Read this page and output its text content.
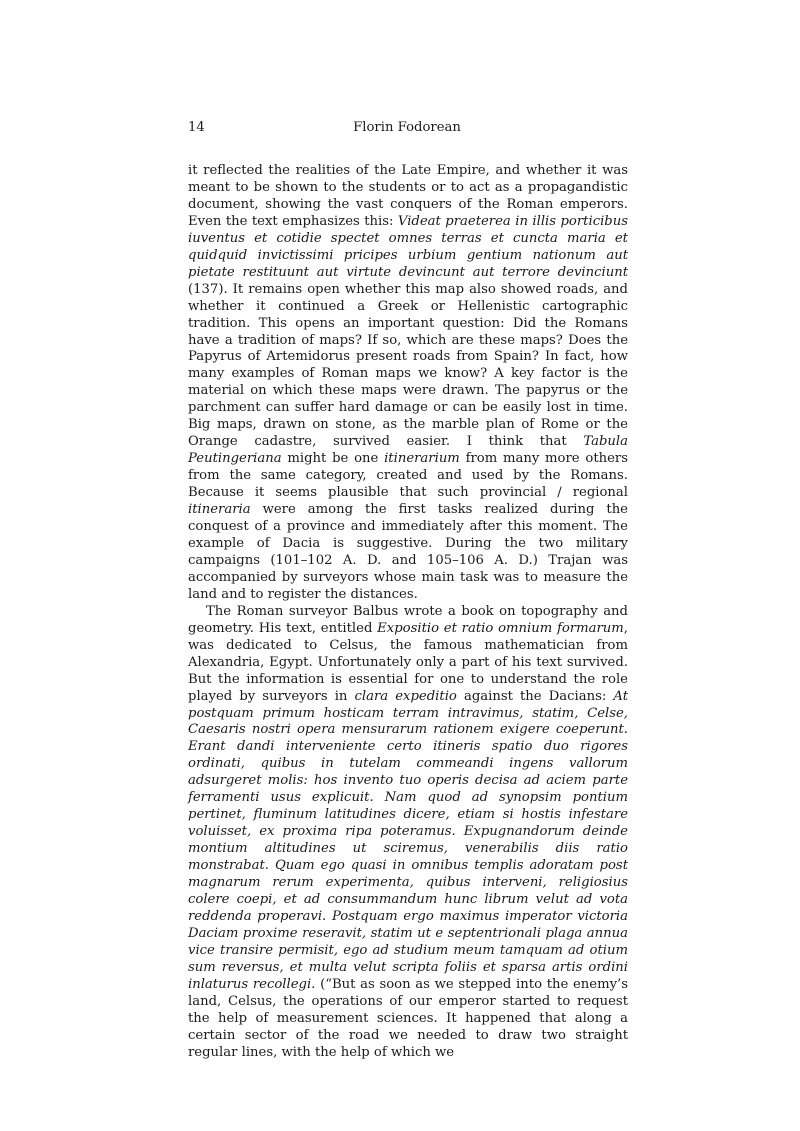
14	Florin Fodorean

it reflected the realities of the Late Empire, and whether it was meant to be shown to the students or to act as a propagandistic document, showing the vast conquers of the Roman emperors. Even the text emphasizes this: Videat praeterea in illis porticibus iuventus et cotidie spectet omnes terras et cuncta maria et quidquid invictissimi pricipes urbium gentium nationum aut pietate restituunt aut virtute devincunt aut terrore devinciunt (137). It remains open whether this map also showed roads, and whether it continued a Greek or Hellenistic cartographic tradition. This opens an important question: Did the Romans have a tradition of maps? If so, which are these maps? Does the Papyrus of Artemidorus present roads from Spain? In fact, how many examples of Roman maps we know? A key factor is the material on which these maps were drawn. The papyrus or the parchment can suffer hard damage or can be easily lost in time. Big maps, drawn on stone, as the marble plan of Rome or the Orange cadastre, survived easier. I think that Tabula Peutingeriana might be one itinerarium from many more others from the same category, created and used by the Romans. Because it seems plausible that such provincial / regional itineraria were among the first tasks realized during the conquest of a province and immediately after this moment. The example of Dacia is suggestive. During the two military campaigns (101–102 A. D. and 105–106 A. D.) Trajan was accompanied by surveyors whose main task was to measure the land and to register the distances.

The Roman surveyor Balbus wrote a book on topography and geometry. His text, entitled Expositio et ratio omnium formarum, was dedicated to Celsus, the famous mathematician from Alexandria, Egypt. Unfortunately only a part of his text survived. But the information is essential for one to understand the role played by surveyors in clara expeditio against the Dacians: At postquam primum hosticam terram intravimus, statim, Celse, Caesaris nostri opera mensurarum rationem exigere coeperunt. Erant dandi interveniente certo itineris spatio duo rigores ordinati, quibus in tutelam commeandi ingens vallorum adsurgeret molis: hos invento tuo operis decisa ad aciem parte ferramenti usus explicuit. Nam quod ad synopsim pontium pertinet, fluminum latitudines dicere, etiam si hostis infestare voluisset, ex proxima ripa poteramus. Expugnandorum deinde montium altitudines ut sciremus, venerabilis diis ratio monstrabat. Quam ego quasi in omnibus templis adoratam post magnarum rerum experimenta, quibus interveni, religiosius colere coepi, et ad consummandum hunc librum velut ad vota reddenda properavi. Postquam ergo maximus imperator victoria Daciam proxime reseravit, statim ut e septentrionali plaga annua vice transire permisit, ego ad studium meum tamquam ad otium sum reversus, et multa velut scripta foliis et sparsa artis ordini inlaturus recollegi. (“But as soon as we stepped into the enemy’s land, Celsus, the operations of our emperor started to request the help of measurement sciences. It happened that along a certain sector of the road we needed to draw two straight regular lines, with the help of which we
